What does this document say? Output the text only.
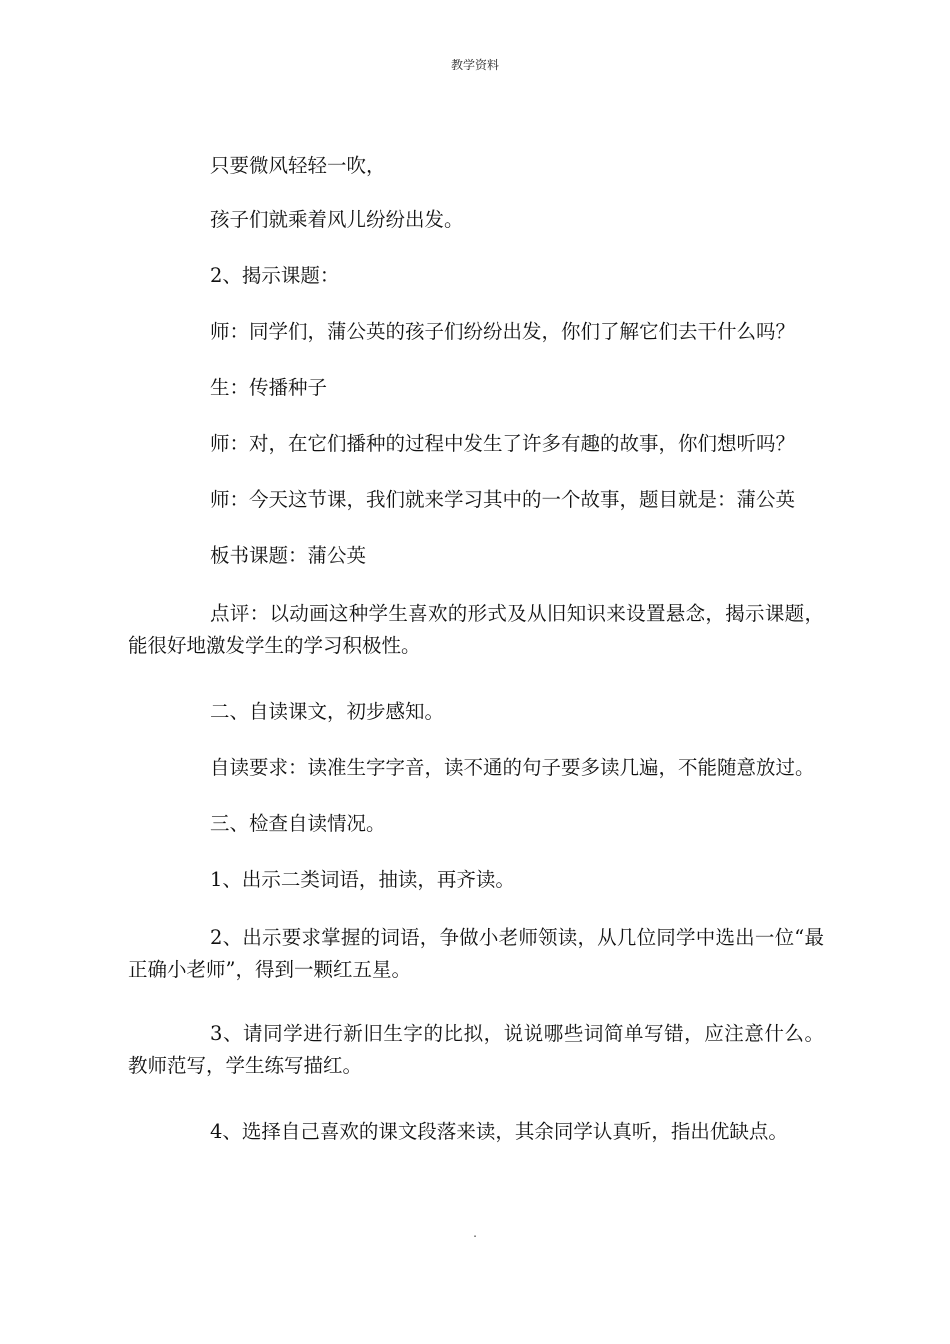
教学资料
只要微风轻轻一吹，
孩子们就乘着风儿纷纷出发。
2、揭示课题：
师：同学们，蒲公英的孩子们纷纷出发，你们了解它们去干什么吗？
生：传播种子
师：对，在它们播种的过程中发生了许多有趣的故事，你们想听吗？
师：今天这节课，我们就来学习其中的一个故事，题目就是：蒲公英
板书课题：蒲公英
点评：以动画这种学生喜欢的形式及从旧知识来设置悬念，揭示课题，能很好地激发学生的学习积极性。
二、自读课文，初步感知。
自读要求：读准生字字音，读不通的句子要多读几遍，不能随意放过。
三、检查自读情况。
1、出示二类词语，抽读，再齐读。
2、出示要求掌握的词语，争做小老师领读，从几位同学中选出一位“最正确小老师”，得到一颗红五星。
3、请同学进行新旧生字的比拟，说说哪些词简单写错，应注意什么。教师范写，学生练写描红。
4、选择自己喜欢的课文段落来读，其余同学认真听，指出优缺点。
.
